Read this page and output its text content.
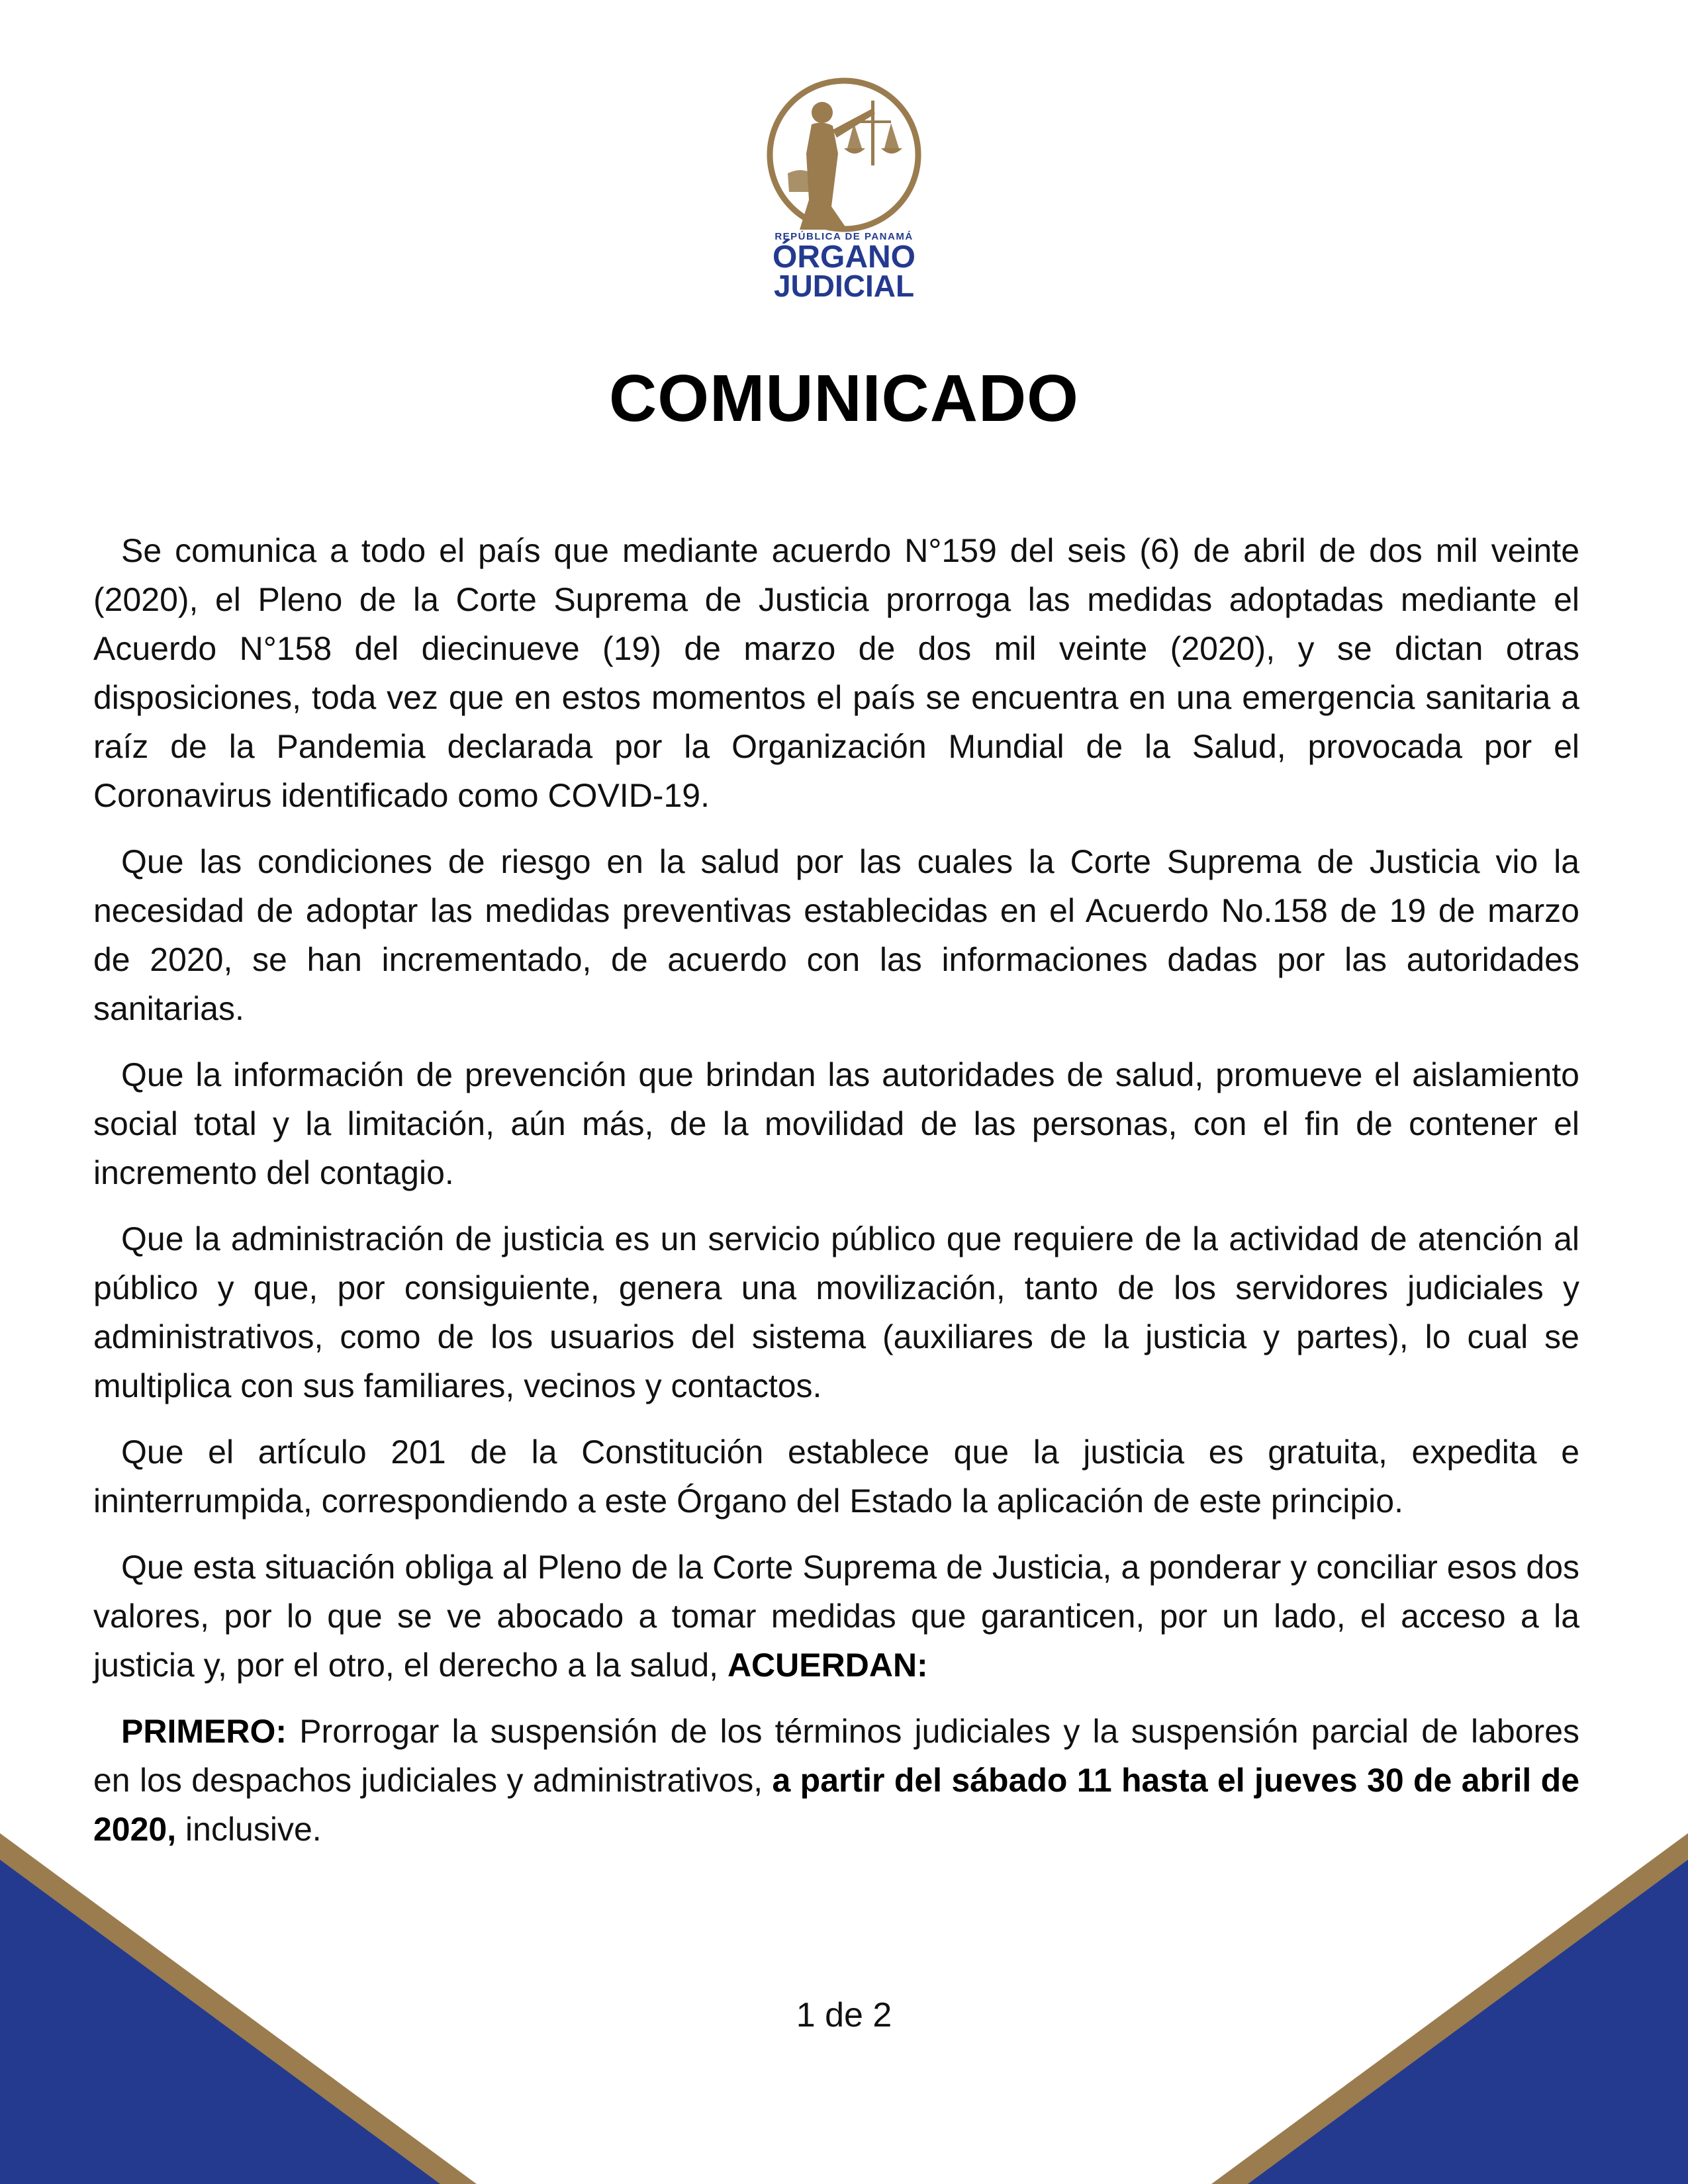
REPÚBLICA DE PANAMÁ
ÓRGANO
JUDICIAL
COMUNICADO

Se comunica a todo el país que mediante acuerdo N°159 del seis (6) de abril de dos mil veinte (2020), el Pleno de la Corte Suprema de Justicia prorroga las medidas adoptadas mediante el Acuerdo N°158 del diecinueve (19) de marzo de dos mil veinte (2020), y se dictan otras disposiciones, toda vez que en estos momentos el país se encuentra en una emergencia sanitaria a raíz de la Pandemia declarada por la Organización Mundial de la Salud, provocada por el Coronavirus identificado como COVID-19.

Que las condiciones de riesgo en la salud por las cuales la Corte Suprema de Justicia vio la necesidad de adoptar las medidas preventivas establecidas en el Acuerdo No.158 de 19 de marzo de 2020, se han incrementado, de acuerdo con las informaciones dadas por las autoridades sanitarias.

Que la información de prevención que brindan las autoridades de salud, promueve el aislamiento social total y la limitación, aún más, de la movilidad de las personas, con el fin de contener el incremento del contagio.

Que la administración de justicia es un servicio público que requiere de la actividad de atención al público y que, por consiguiente, genera una movilización, tanto de los servidores judiciales y administrativos, como de los usuarios del sistema (auxiliares de la justicia y partes), lo cual se multiplica con sus familiares, vecinos y contactos.

Que el artículo 201 de la Constitución establece que la justicia es gratuita, expedita e ininterrumpida, correspondiendo a este Órgano del Estado la aplicación de este principio.

Que esta situación obliga al Pleno de la Corte Suprema de Justicia, a ponderar y conciliar esos dos valores, por lo que se ve abocado a tomar medidas que garanticen, por un lado, el acceso a la justicia y, por el otro, el derecho a la salud, ACUERDAN:

PRIMERO: Prorrogar la suspensión de los términos judiciales y la suspensión parcial de labores en los despachos judiciales y administrativos, a partir del sábado 11 hasta el jueves 30 de abril de 2020, inclusive.

1 de 2
